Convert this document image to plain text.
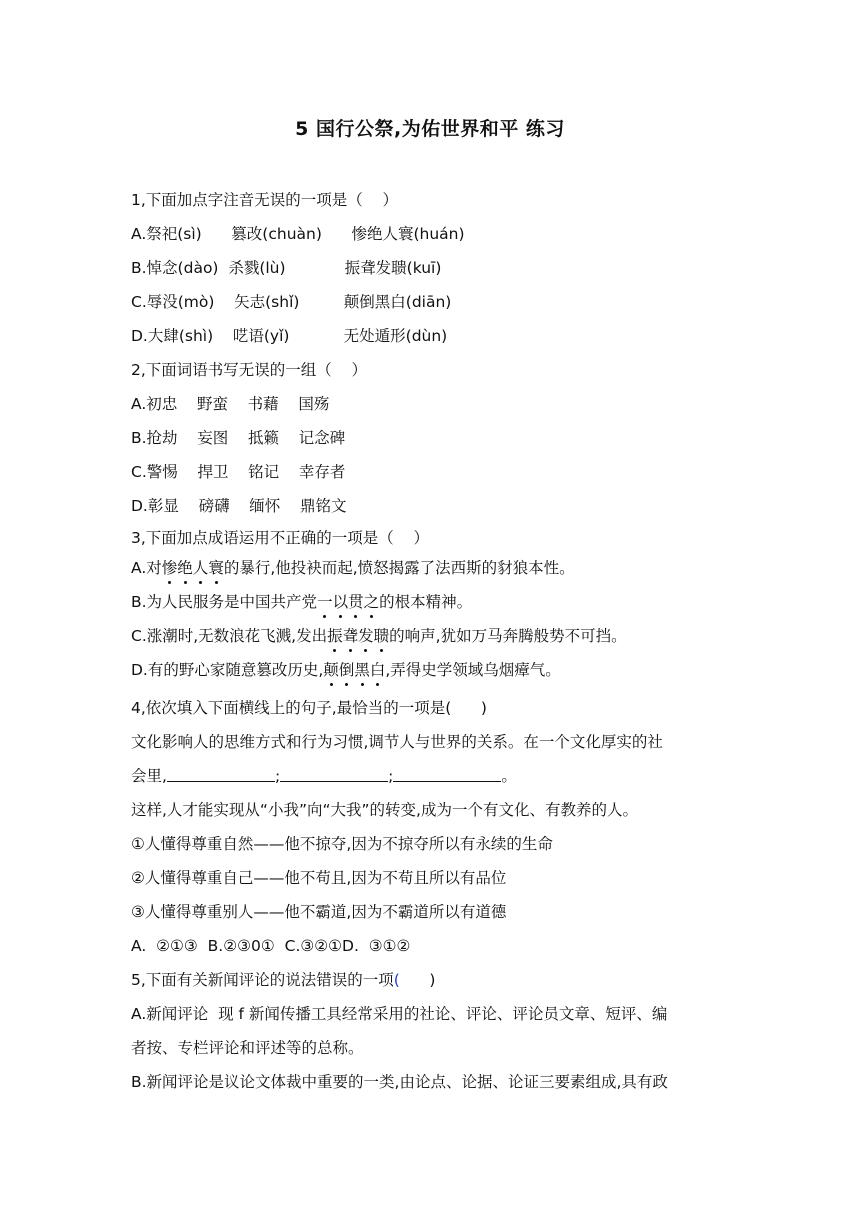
5 国行公祭,为佑世界和平 练习
1,下面加点字注音无误的一项是（    ）
A.祭祀(sì)      篡改(chuàn)      惨绝人寰(huán)
B.悼念(dào)  杀戮(lù)            振聋发聩(kuī)
C.辱没(mò)    矢志(shǐ)         颠倒黑白(diān)
D.大肆(shì)    呓语(yǐ)           无处遁形(dùn)
2,下面词语书写无误的一组（    ）
A.初忠    野蛮    书藉    国殇
B.抢劫    妄图    抵籁    记念碑
C.警惕    捍卫    铭记    幸存者
D.彰显    磅礴    缅怀    鼎铭文
3,下面加点成语运用不正确的一项是（    ）
A.对惨绝人寰的暴行,他投袂而起,愤怒揭露了法西斯的豺狼本性。
B.为人民服务是中国共产党一以贯之的根本精神。
C.涨潮时,无数浪花飞溅,发出振聋发聩的响声,犹如万马奔腾般势不可挡。
D.有的野心家随意篡改历史,颠倒黑白,弄得史学领域乌烟瘴气。
4,依次填入下面横线上的句子,最恰当的一项是(      )
文化影响人的思维方式和行为习惯,调节人与世界的关系。在一个文化厚实的社
会里,	;	;	。
这样,人才能实现从“小我”向“大我”的转变,成为一个有文化、有教养的人。
①人懂得尊重自然——他不掠夺,因为不掠夺所以有永续的生命
②人懂得尊重自己——他不苟且,因为不苟且所以有品位
③人懂得尊重别人——他不霸道,因为不霸道所以有道德
A.  ②①③  B.②③0①  C.③②①D.  ③①②
5,下面有关新闻评论的说法错误的一项(      )
A.新闻评论  现 f 新闻传播工具经常采用的社论、评论、评论员文章、短评、编
者按、专栏评论和评述等的总称。
B.新闻评论是议论文体裁中重要的一类,由论点、论据、论证三要素组成,具有政
